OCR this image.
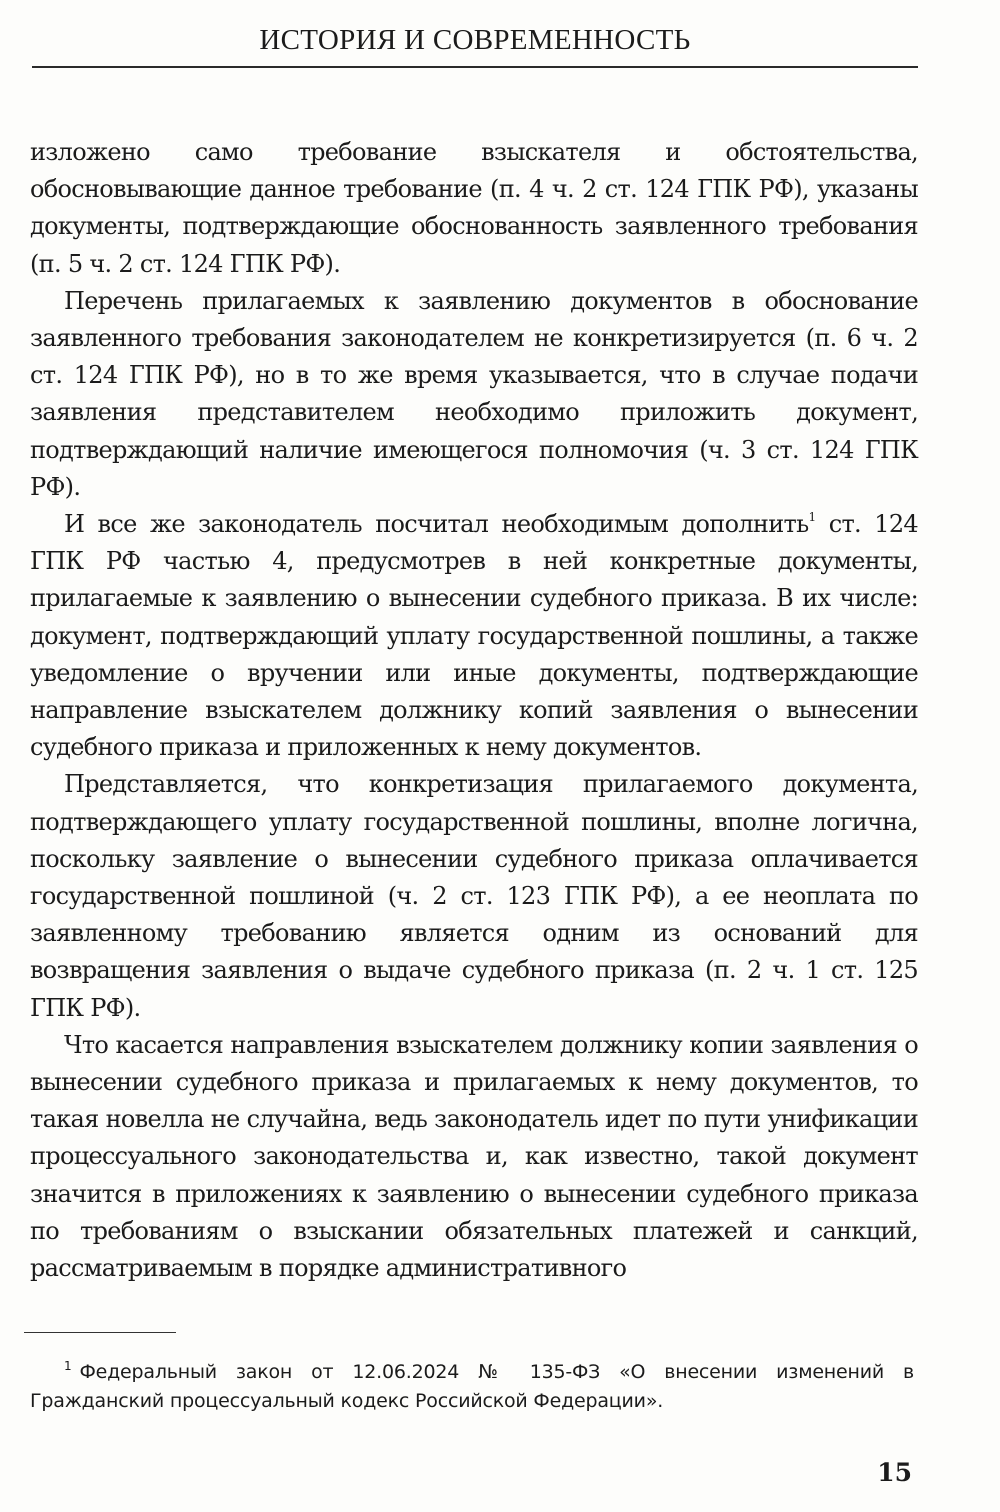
ИСТОРИЯ И СОВРЕМЕННОСТЬ

изложено само требование взыскателя и обстоятельства, обосновывающие данное требование (п. 4 ч. 2 ст. 124 ГПК РФ), указаны документы, подтверждающие обоснованность заявленного требования (п. 5 ч. 2 ст. 124 ГПК РФ).

Перечень прилагаемых к заявлению документов в обоснование заявленного требования законодателем не конкретизируется (п. 6 ч. 2 ст. 124 ГПК РФ), но в то же время указывается, что в случае подачи заявления представителем необходимо приложить документ, подтверждающий наличие имеющегося полномочия (ч. 3 ст. 124 ГПК РФ).

И все же законодатель посчитал необходимым дополнить$^1$ ст. 124 ГПК РФ частью 4, предусмотрев в ней конкретные документы, прилагаемые к заявлению о вынесении судебного приказа. В их числе: документ, подтверждающий уплату государственной пошлины, а также уведомление о вручении или иные документы, подтверждающие направление взыскателем должнику копий заявления о вынесении судебного приказа и приложенных к нему документов.

Представляется, что конкретизация прилагаемого документа, подтверждающего уплату государственной пошлины, вполне логична, поскольку заявление о вынесении судебного приказа оплачивается государственной пошлиной (ч. 2 ст. 123 ГПК РФ), а ее неоплата по заявленному требованию является одним из оснований для возвращения заявления о выдаче судебного приказа (п. 2 ч. 1 ст. 125 ГПК РФ).

Что касается направления взыскателем должнику копии заявления о вынесении судебного приказа и прилагаемых к нему документов, то такая новелла не случайна, ведь законодатель идет по пути унификации процессуального законодательства и, как известно, такой документ значится в приложениях к заявлению о вынесении судебного приказа по требованиям о взыскании обязательных платежей и санкций, рассматриваемым в порядке административного

$^1$ Федеральный закон от 12.06.2024 № 135-ФЗ «О внесении изменений в Гражданский процессуальный кодекс Российской Федерации».
15
